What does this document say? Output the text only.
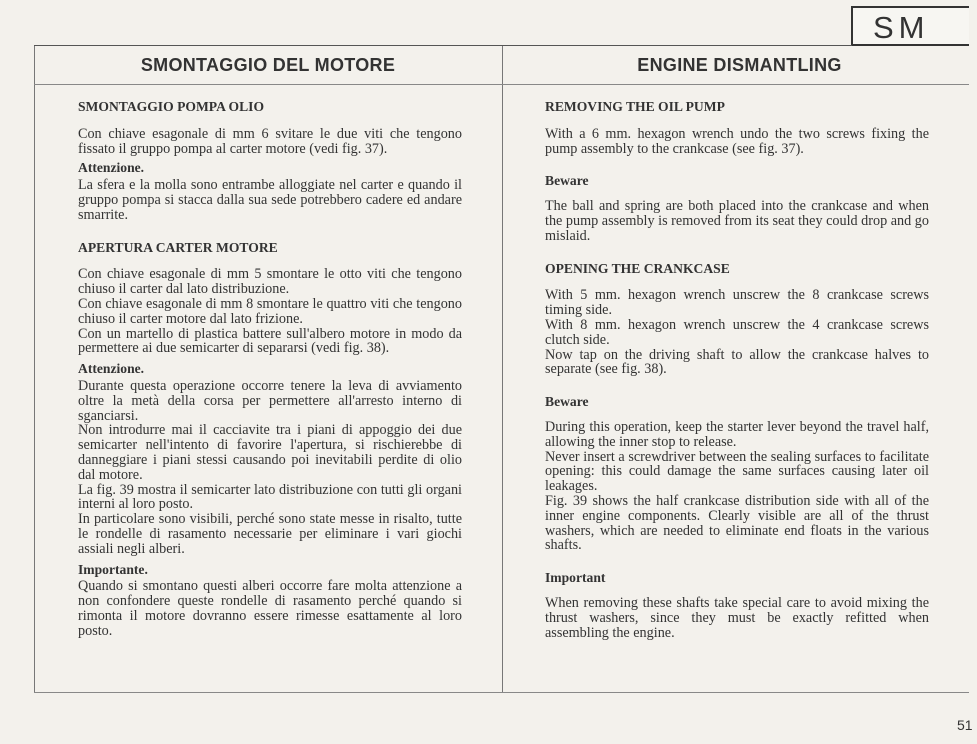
SM
SMONTAGGIO DEL MOTORE	ENGINE DISMANTLING
SMONTAGGIO POMPA OLIO

Con chiave esagonale di mm 6 svitare le due viti che tengono fissato il gruppo pompa al carter motore (vedi fig. 37).

Attenzione.

La sfera e la molla sono entrambe alloggiate nel carter e quando il gruppo pompa si stacca dalla sua sede potrebbero cadere ed andare smarrite.

APERTURA CARTER MOTORE

Con chiave esagonale di mm 5 smontare le otto viti che tengono chiuso il carter dal lato distribuzione.

Con chiave esagonale di mm 8 smontare le quattro viti che tengono chiuso il carter motore dal lato frizione.

Con un martello di plastica battere sull'albero motore in modo da permettere ai due semicarter di separarsi (vedi fig. 38).

Attenzione.

Durante questa operazione occorre tenere la leva di avviamento oltre la metà della corsa per permettere all'arresto interno di sganciarsi.

Non introdurre mai il cacciavite tra i piani di appoggio dei due semicarter nell'intento di favorire l'apertura, si rischierebbe di danneggiare i piani stessi causando poi inevitabili perdite di olio dal motore.

La fig. 39 mostra il semicarter lato distribuzione con tutti gli organi interni al loro posto.

In particolare sono visibili, perché sono state messe in risalto, tutte le rondelle di rasamento necessarie per eliminare i vari giochi assiali negli alberi.

Importante.

Quando si smontano questi alberi occorre fare molta attenzione a non confondere queste rondelle di rasamento perché quando si rimonta il motore dovranno essere rimesse esattamente al loro posto.

REMOVING THE OIL PUMP

With a 6 mm. hexagon wrench undo the two screws fixing the pump assembly to the crankcase (see fig. 37).

Beware

The ball and spring are both placed into the crankcase and when the pump assembly is removed from its seat they could drop and go mislaid.

OPENING THE CRANKCASE

With 5 mm. hexagon wrench unscrew the 8 crankcase screws timing side.

With 8 mm. hexagon wrench unscrew the 4 crankcase screws clutch side.

Now tap on the driving shaft to allow the crankcase halves to separate (see fig. 38).

Beware

During this operation, keep the starter lever beyond the travel half, allowing the inner stop to release.

Never insert a screwdriver between the sealing surfaces to facilitate opening: this could damage the same surfaces causing later oil leakages.

Fig. 39 shows the half crankcase distribution side with all of the inner engine components. Clearly visible are all of the thrust washers, which are needed to eliminate end floats in the various shafts.

Important

When removing these shafts take special care to avoid mixing the thrust washers, since they must be exactly refitted when assembling the engine.

51
